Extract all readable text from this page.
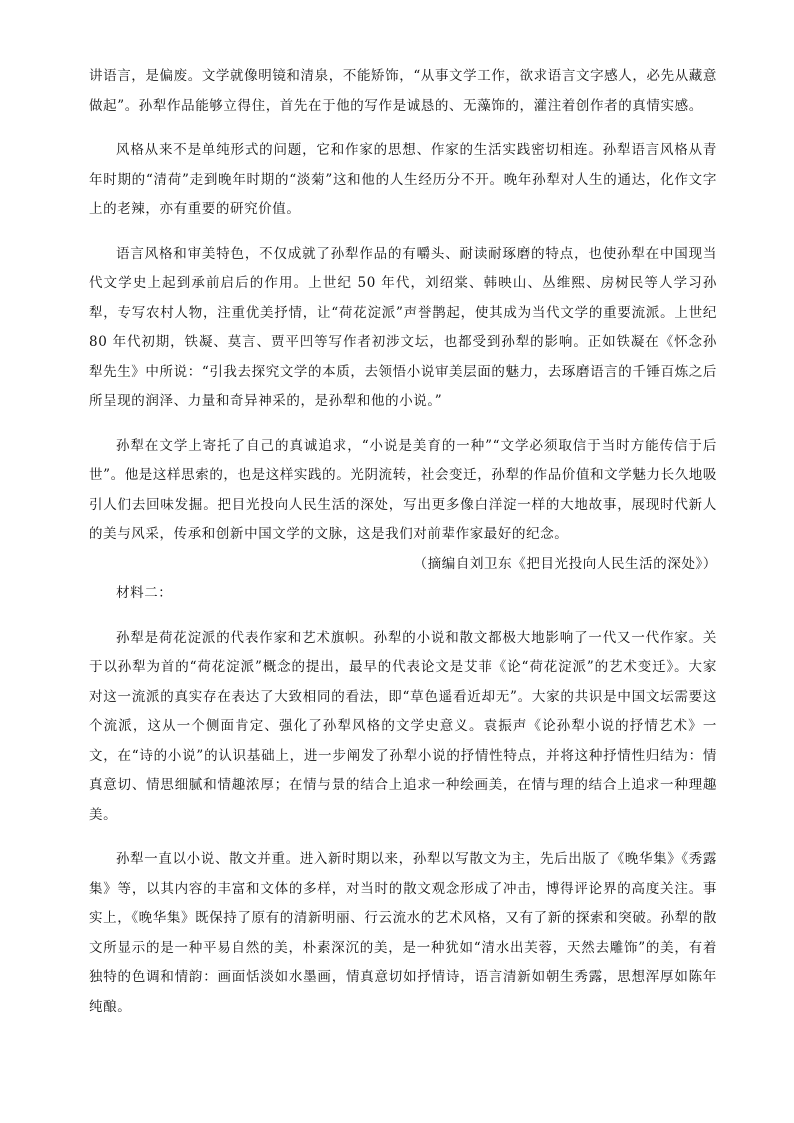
讲语言，是偏废。文学就像明镜和清泉，不能矫饰，“从事文学工作，欲求语言文字感人，必先从藏意做起”。孙犁作品能够立得住，首先在于他的写作是诚恳的、无藻饰的，灌注着创作者的真情实感。

风格从来不是单纯形式的问题，它和作家的思想、作家的生活实践密切相连。孙犁语言风格从青年时期的“清荷”走到晚年时期的“淡菊”这和他的人生经历分不开。晚年孙犁对人生的通达，化作文字上的老辣，亦有重要的研究价值。

语言风格和审美特色，不仅成就了孙犁作品的有嚼头、耐读耐琢磨的特点，也使孙犁在中国现当代文学史上起到承前启后的作用。上世纪 50 年代，刘绍棠、韩映山、丛维熙、房树民等人学习孙犁，专写农村人物，注重优美抒情，让“荷花淀派”声誉鹊起，使其成为当代文学的重要流派。上世纪 80 年代初期，铁凝、莫言、贾平凹等写作者初涉文坛，也都受到孙犁的影响。正如铁凝在《怀念孙犁先生》中所说：“引我去探究文学的本质，去领悟小说审美层面的魅力，去琢磨语言的千锤百炼之后所呈现的润泽、力量和奇异神采的，是孙犁和他的小说。”

孙犁在文学上寄托了自己的真诚追求，“小说是美育的一种”“文学必须取信于当时方能传信于后世”。他是这样思索的，也是这样实践的。光阴流转，社会变迁，孙犁的作品价值和文学魅力长久地吸引人们去回味发掘。把目光投向人民生活的深处，写出更多像白洋淀一样的大地故事，展现时代新人的美与风采，传承和创新中国文学的文脉，这是我们对前辈作家最好的纪念。

（摘编自刘卫东《把目光投向人民生活的深处》）

材料二：

孙犁是荷花淀派的代表作家和艺术旗帜。孙犁的小说和散文都极大地影响了一代又一代作家。关于以孙犁为首的“荷花淀派”概念的提出，最早的代表论文是艾菲《论“荷花淀派”的艺术变迁》。大家对这一流派的真实存在表达了大致相同的看法，即“草色遥看近却无”。大家的共识是中国文坛需要这个流派，这从一个侧面肯定、强化了孙犁风格的文学史意义。袁振声《论孙犁小说的抒情艺术》一文，在“诗的小说”的认识基础上，进一步阐发了孙犁小说的抒情性特点，并将这种抒情性归结为：情真意切、情思细腻和情趣浓厚；在情与景的结合上追求一种绘画美，在情与理的结合上追求一种理趣美。

孙犁一直以小说、散文并重。进入新时期以来，孙犁以写散文为主，先后出版了《晚华集》《秀露集》等，以其内容的丰富和文体的多样，对当时的散文观念形成了冲击，博得评论界的高度关注。事实上，《晚华集》既保持了原有的清新明丽、行云流水的艺术风格，又有了新的探索和突破。孙犁的散文所显示的是一种平易自然的美，朴素深沉的美，是一种犹如“清水出芙蓉，天然去雕饰”的美，有着独特的色调和情韵：画面恬淡如水墨画，情真意切如抒情诗，语言清新如朝生秀露，思想浑厚如陈年纯酿。
